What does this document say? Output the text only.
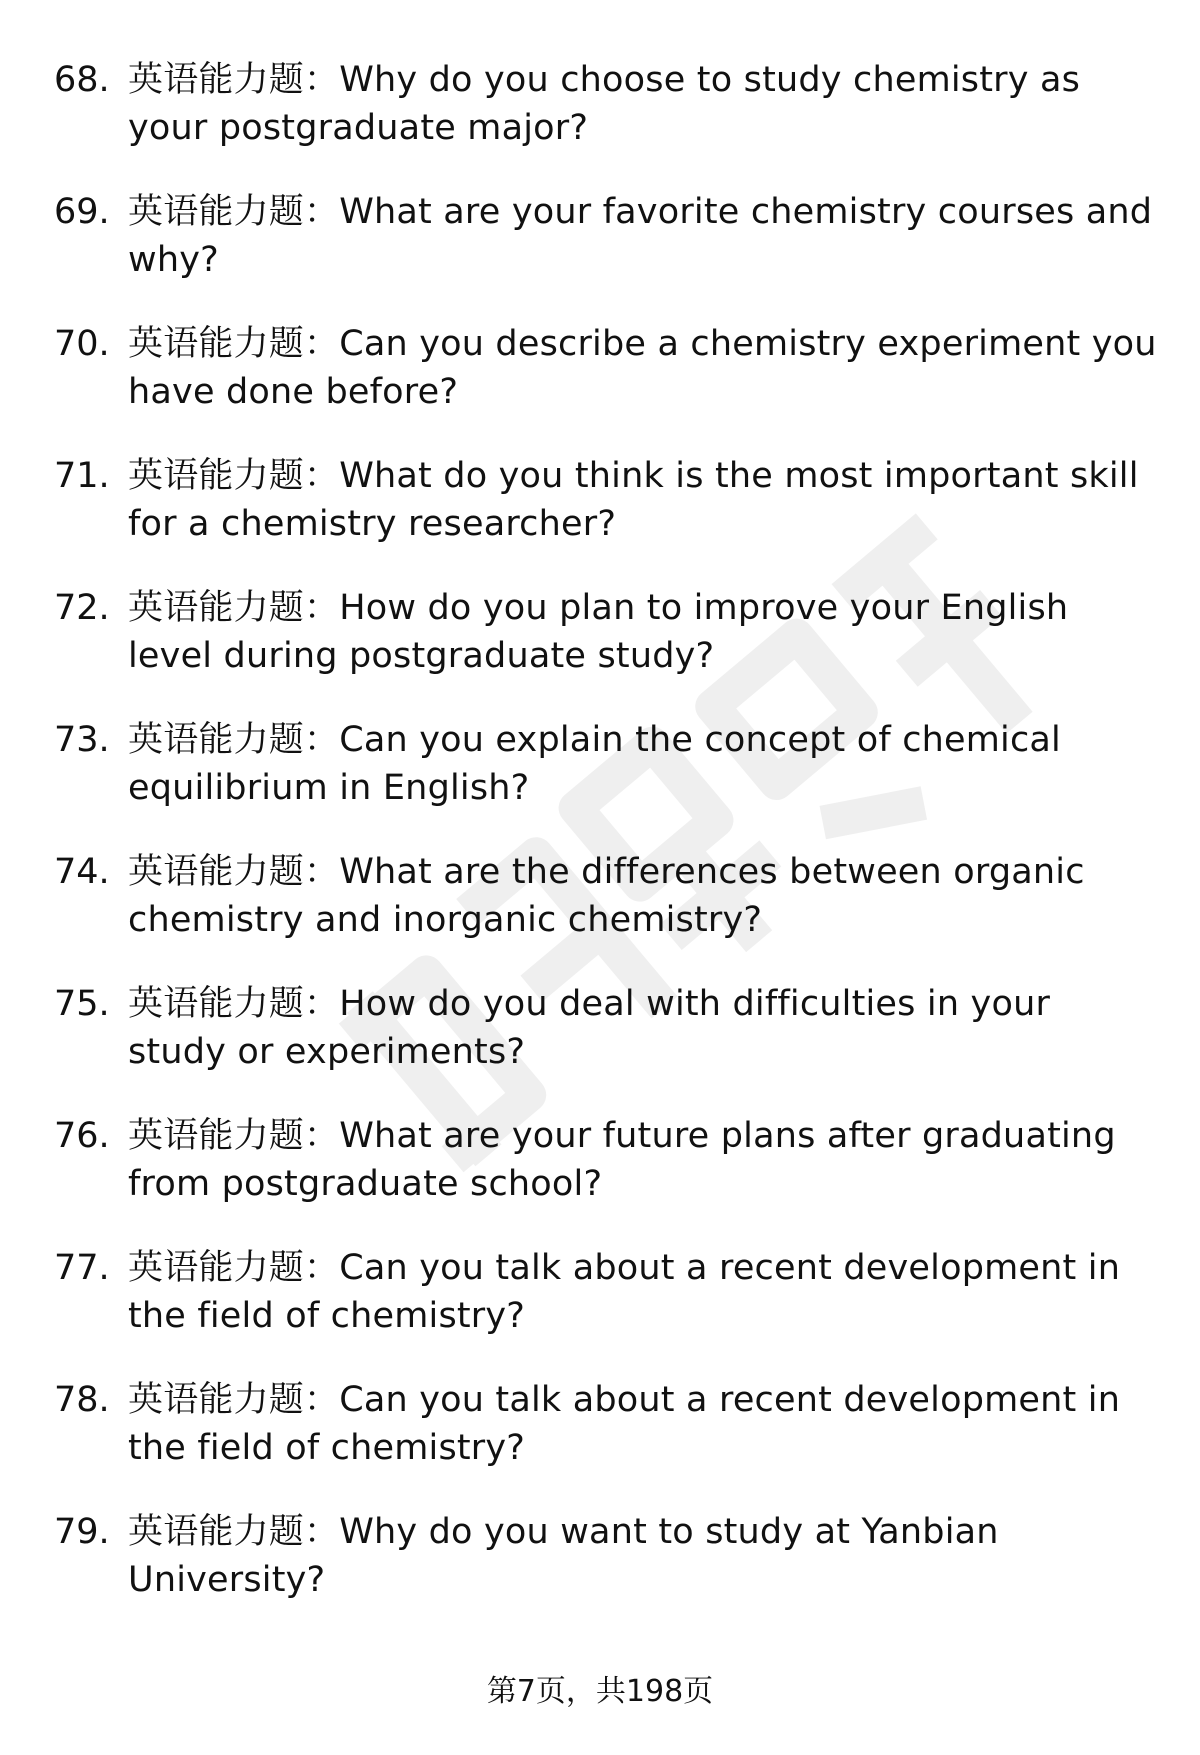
68. 英语能力题：Why do you choose to study chemistry as your postgraduate major?
69. 英语能力题：What are your favorite chemistry courses and why?
70. 英语能力题：Can you describe a chemistry experiment you have done before?
71. 英语能力题：What do you think is the most important skill for a chemistry researcher?
72. 英语能力题：How do you plan to improve your English level during postgraduate study?
73. 英语能力题：Can you explain the concept of chemical equilibrium in English?
74. 英语能力题：What are the differences between organic chemistry and inorganic chemistry?
75. 英语能力题：How do you deal with difficulties in your study or experiments?
76. 英语能力题：What are your future plans after graduating from postgraduate school?
77. 英语能力题：Can you talk about a recent development in the field of chemistry?
78. 英语能力题：Can you talk about a recent development in the field of chemistry?
79. 英语能力题：Why do you want to study at Yanbian University?
第7页，共198页
